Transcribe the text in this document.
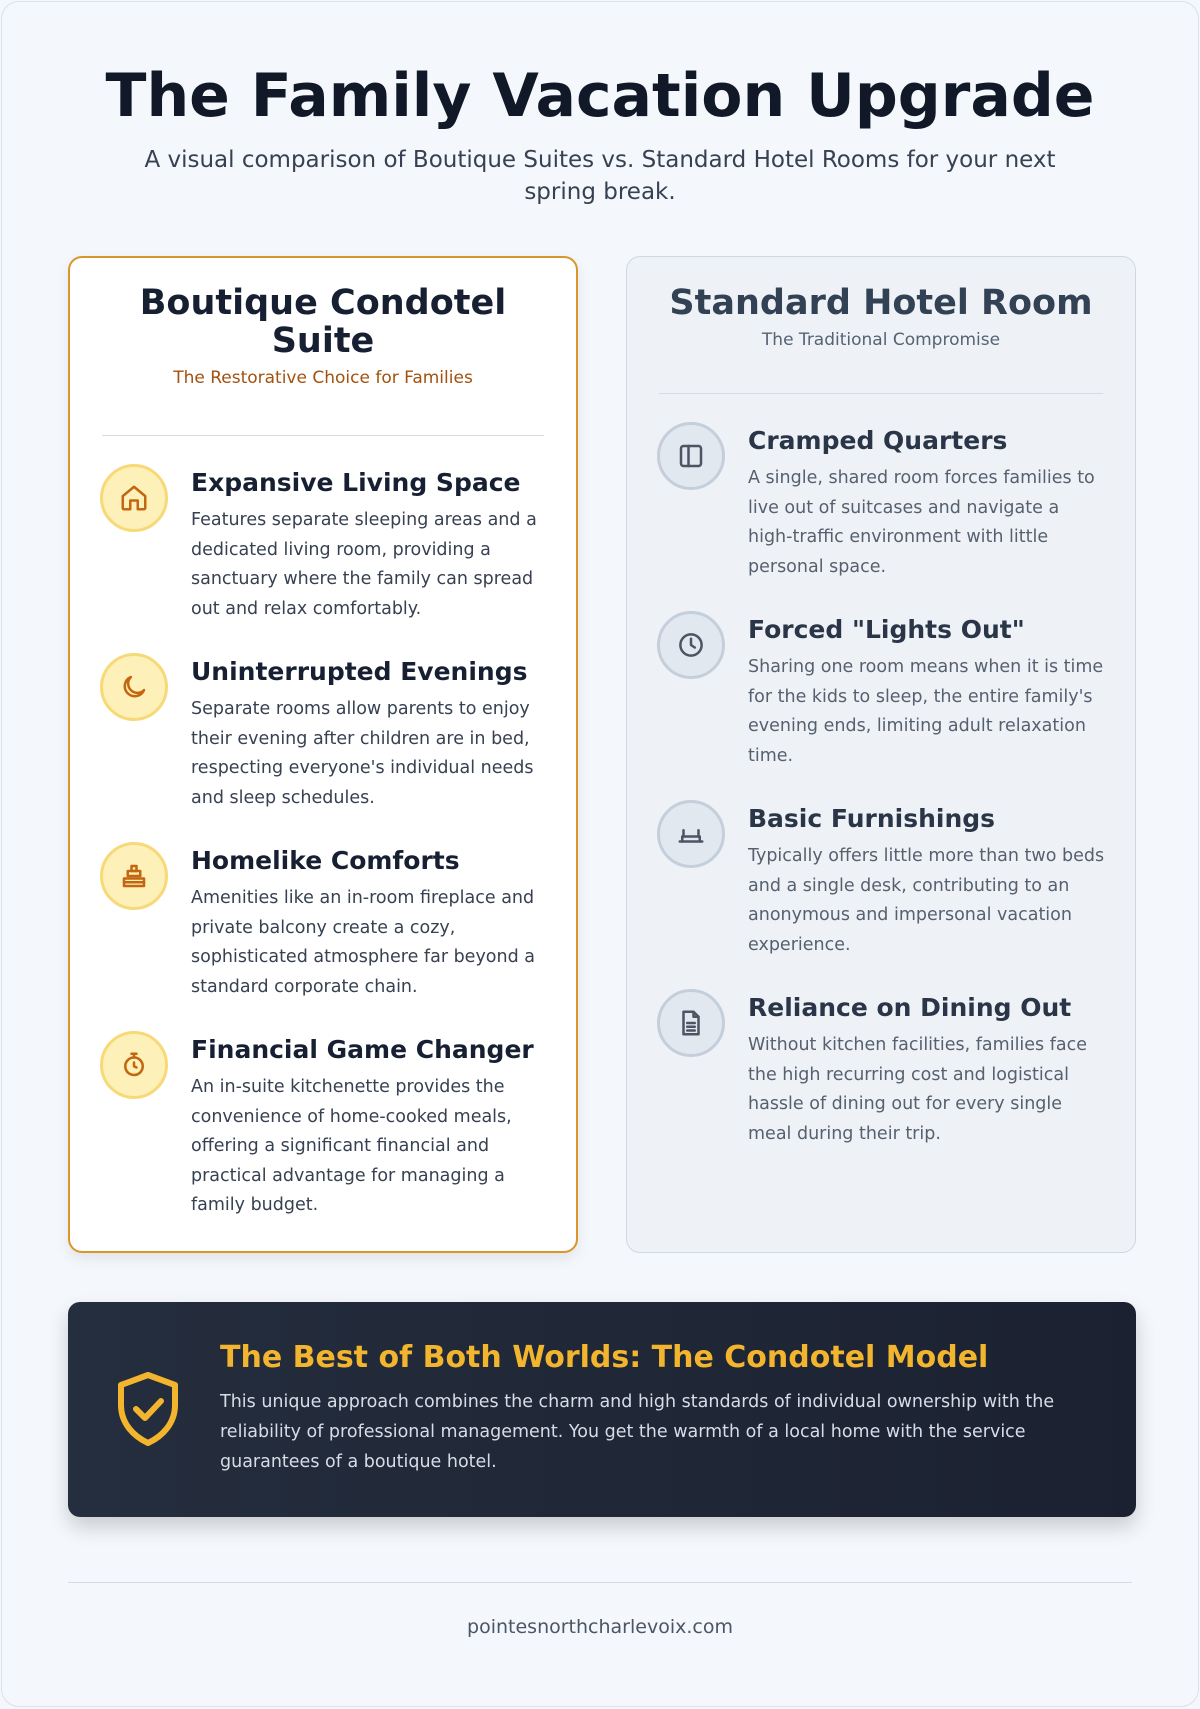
The Family Vacation Upgrade

A visual comparison of Boutique Suites vs. Standard Hotel Rooms for your next spring break.

Boutique Condotel Suite
The Restorative Choice for Families
Expansive Living Space
Features separate sleeping areas and a dedicated living room, providing a sanctuary where the family can spread out and relax comfortably.
Uninterrupted Evenings
Separate rooms allow parents to enjoy their evening after children are in bed, respecting everyone's individual needs and sleep schedules.
Homelike Comforts
Amenities like an in-room fireplace and private balcony create a cozy, sophisticated atmosphere far beyond a standard corporate chain.
Financial Game Changer
An in-suite kitchenette provides the convenience of home-cooked meals, offering a significant financial and practical advantage for managing a family budget.
Standard Hotel Room
The Traditional Compromise
Cramped Quarters
A single, shared room forces families to live out of suitcases and navigate a high-traffic environment with little personal space.
Forced "Lights Out"
Sharing one room means when it is time for the kids to sleep, the entire family's evening ends, limiting adult relaxation time.
Basic Furnishings
Typically offers little more than two beds and a single desk, contributing to an anonymous and impersonal vacation experience.
Reliance on Dining Out
Without kitchen facilities, families face the high recurring cost and logistical hassle of dining out for every single meal during their trip.
The Best of Both Worlds: The Condotel Model
This unique approach combines the charm and high standards of individual ownership with the reliability of professional management. You get the warmth of a local home with the service guarantees of a boutique hotel.
pointesnorthcharlevoix.com
